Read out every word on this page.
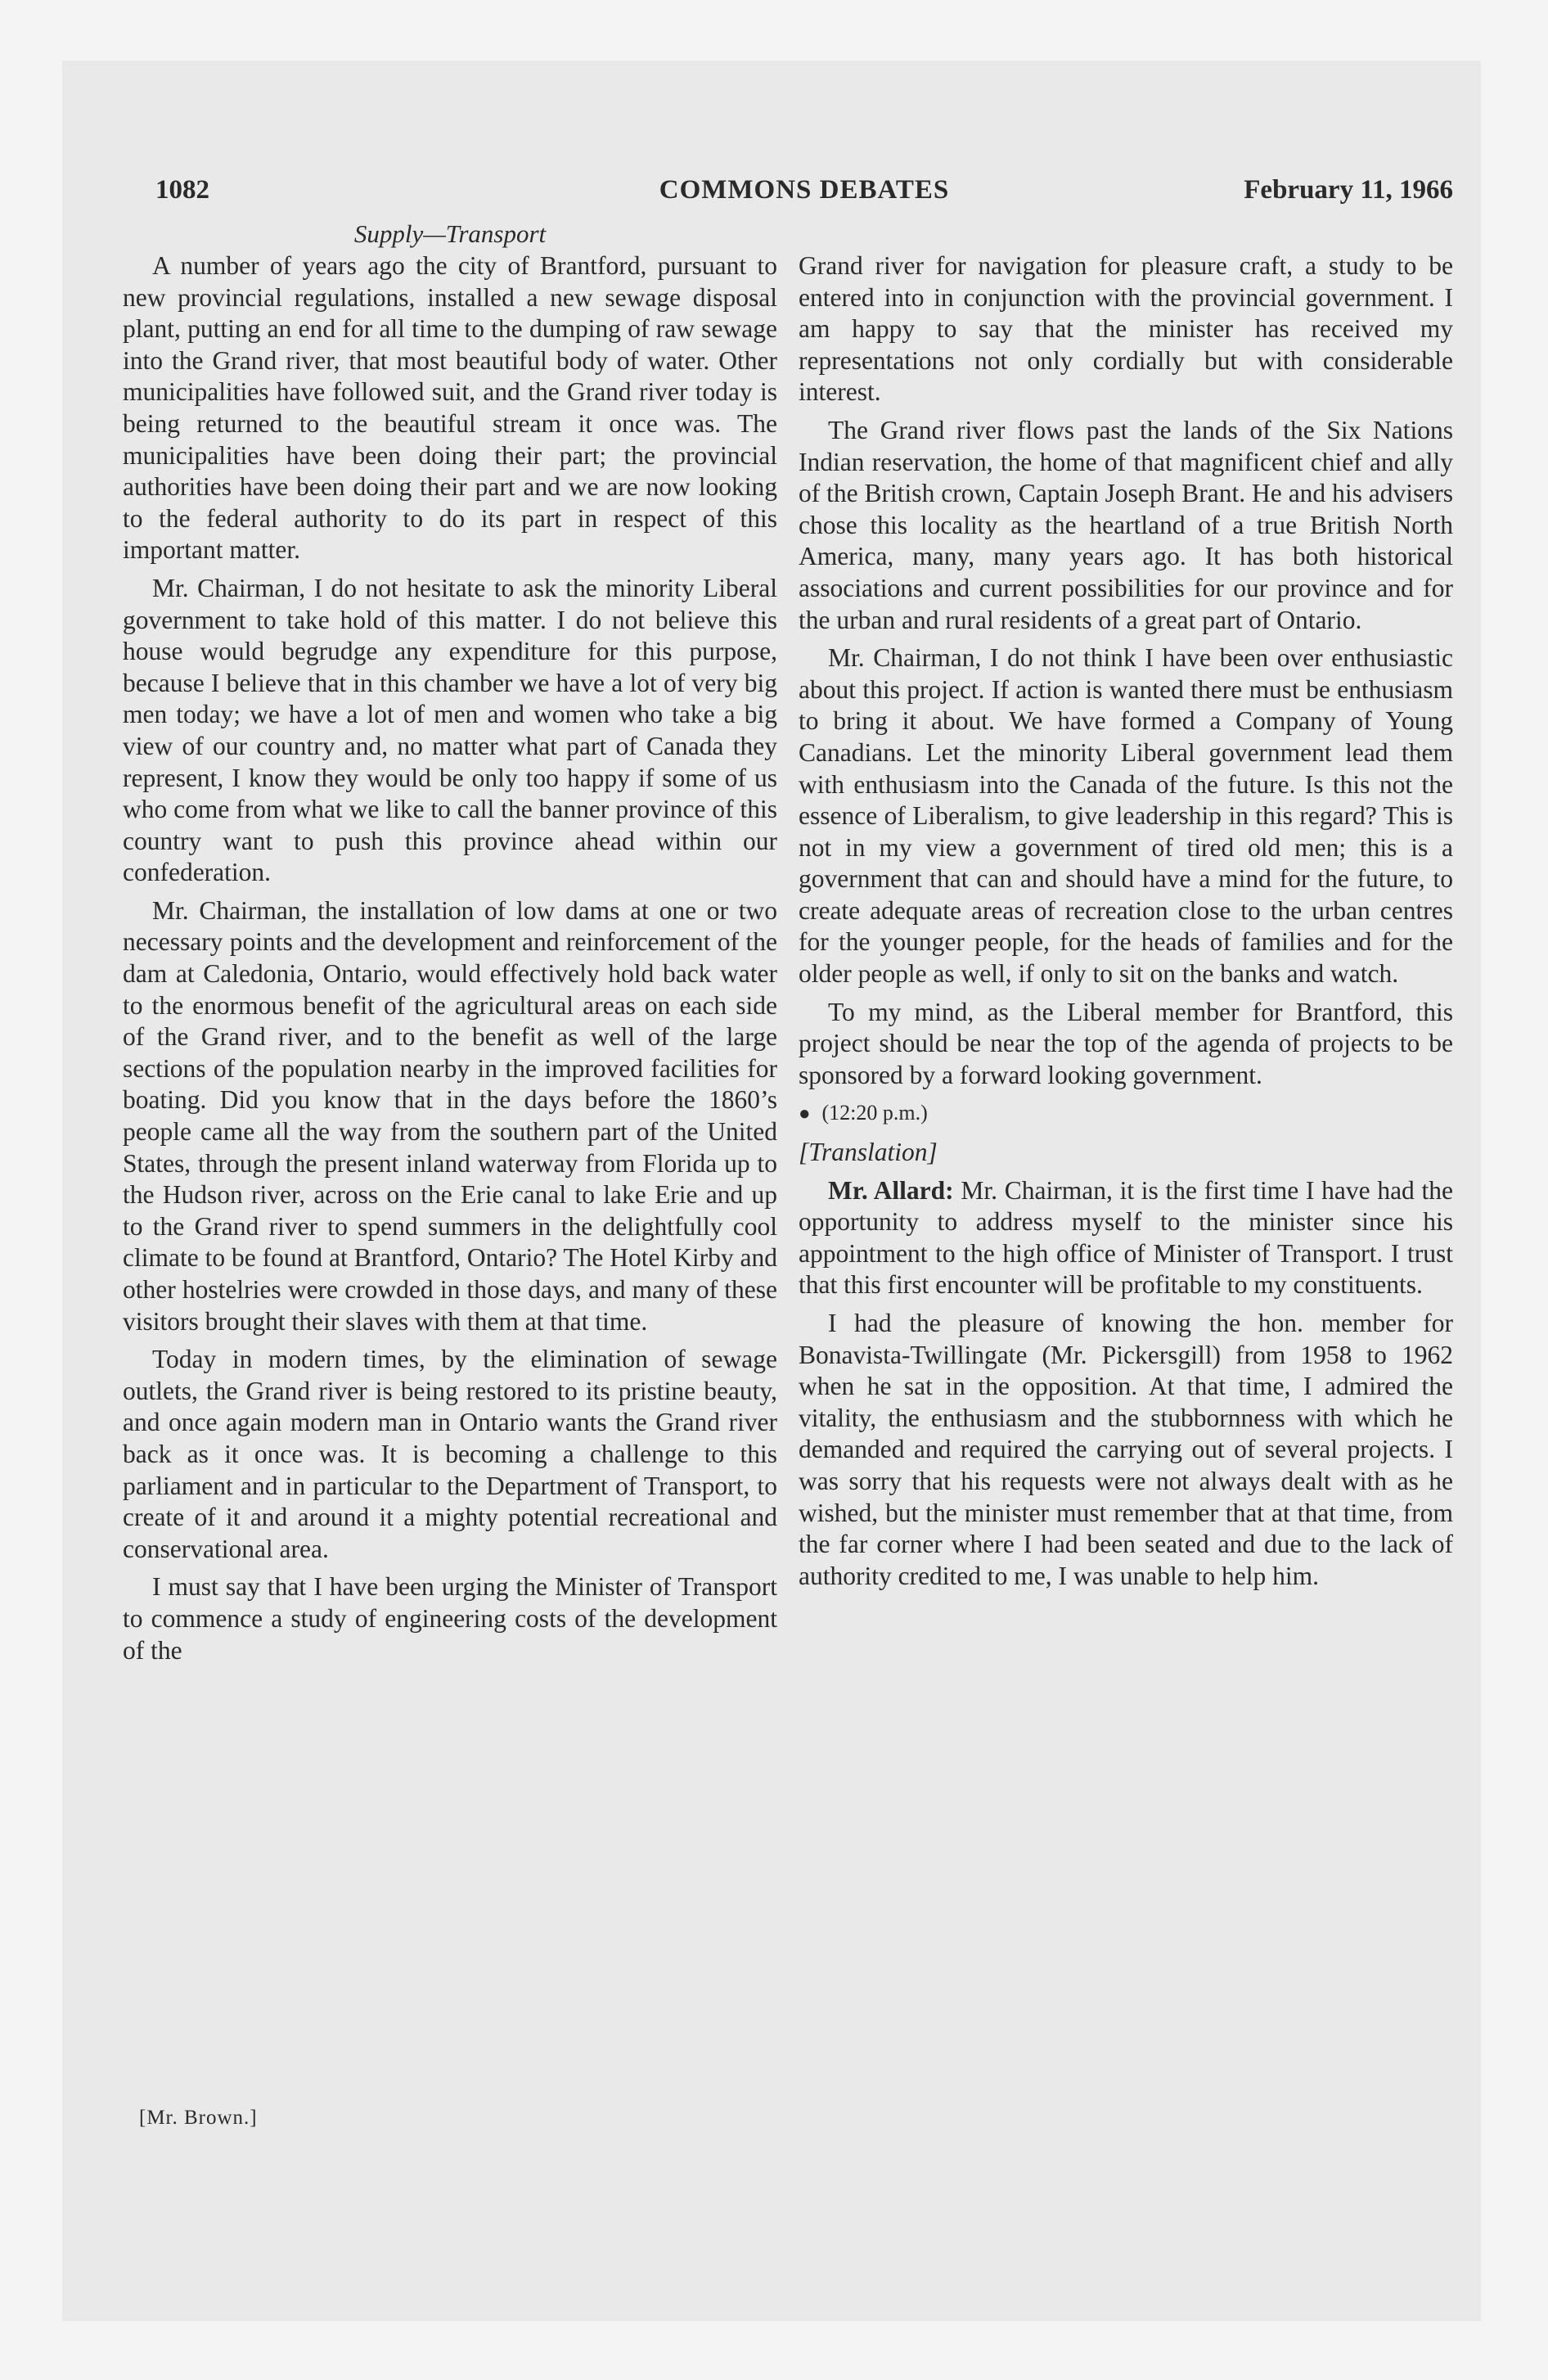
1082	COMMONS DEBATES	February 11, 1966
Supply—Transport

A number of years ago the city of Brantford, pursuant to new provincial regulations, installed a new sewage disposal plant, putting an end for all time to the dumping of raw sewage into the Grand river, that most beautiful body of water. Other municipalities have followed suit, and the Grand river today is being returned to the beautiful stream it once was. The municipalities have been doing their part; the provincial authorities have been doing their part and we are now looking to the federal authority to do its part in respect of this important matter.

Mr. Chairman, I do not hesitate to ask the minority Liberal government to take hold of this matter. I do not believe this house would begrudge any expenditure for this purpose, because I believe that in this chamber we have a lot of very big men today; we have a lot of men and women who take a big view of our country and, no matter what part of Canada they represent, I know they would be only too happy if some of us who come from what we like to call the banner province of this country want to push this province ahead within our confederation.

Mr. Chairman, the installation of low dams at one or two necessary points and the development and reinforcement of the dam at Caledonia, Ontario, would effectively hold back water to the enormous benefit of the agricultural areas on each side of the Grand river, and to the benefit as well of the large sections of the population nearby in the improved facilities for boating. Did you know that in the days before the 1860’s people came all the way from the southern part of the United States, through the present inland waterway from Florida up to the Hudson river, across on the Erie canal to lake Erie and up to the Grand river to spend summers in the delightfully cool climate to be found at Brantford, Ontario? The Hotel Kirby and other hostelries were crowded in those days, and many of these visitors brought their slaves with them at that time.

Today in modern times, by the elimination of sewage outlets, the Grand river is being restored to its pristine beauty, and once again modern man in Ontario wants the Grand river back as it once was. It is becoming a challenge to this parliament and in particular to the Department of Transport, to create of it and around it a mighty potential recreational and conservational area.

I must say that I have been urging the Minister of Transport to commence a study of engineering costs of the development of the

[Mr. Brown.]

Grand river for navigation for pleasure craft, a study to be entered into in conjunction with the provincial government. I am happy to say that the minister has received my representations not only cordially but with considerable interest.

The Grand river flows past the lands of the Six Nations Indian reservation, the home of that magnificent chief and ally of the British crown, Captain Joseph Brant. He and his advisers chose this locality as the heartland of a true British North America, many, many years ago. It has both historical associations and current possibilities for our province and for the urban and rural residents of a great part of Ontario.

Mr. Chairman, I do not think I have been over enthusiastic about this project. If action is wanted there must be enthusiasm to bring it about. We have formed a Company of Young Canadians. Let the minority Liberal government lead them with enthusiasm into the Canada of the future. Is this not the essence of Liberalism, to give leadership in this regard? This is not in my view a government of tired old men; this is a government that can and should have a mind for the future, to create adequate areas of recreation close to the urban centres for the younger people, for the heads of families and for the older people as well, if only to sit on the banks and watch.

To my mind, as the Liberal member for Brantford, this project should be near the top of the agenda of projects to be sponsored by a forward looking government.

● (12:20 p.m.)

[Translation]

Mr. Allard: Mr. Chairman, it is the first time I have had the opportunity to address myself to the minister since his appointment to the high office of Minister of Transport. I trust that this first encounter will be profitable to my constituents.

I had the pleasure of knowing the hon. member for Bonavista-Twillingate (Mr. Pickersgill) from 1958 to 1962 when he sat in the opposition. At that time, I admired the vitality, the enthusiasm and the stubbornness with which he demanded and required the carrying out of several projects. I was sorry that his requests were not always dealt with as he wished, but the minister must remember that at that time, from the far corner where I had been seated and due to the lack of authority credited to me, I was unable to help him.
